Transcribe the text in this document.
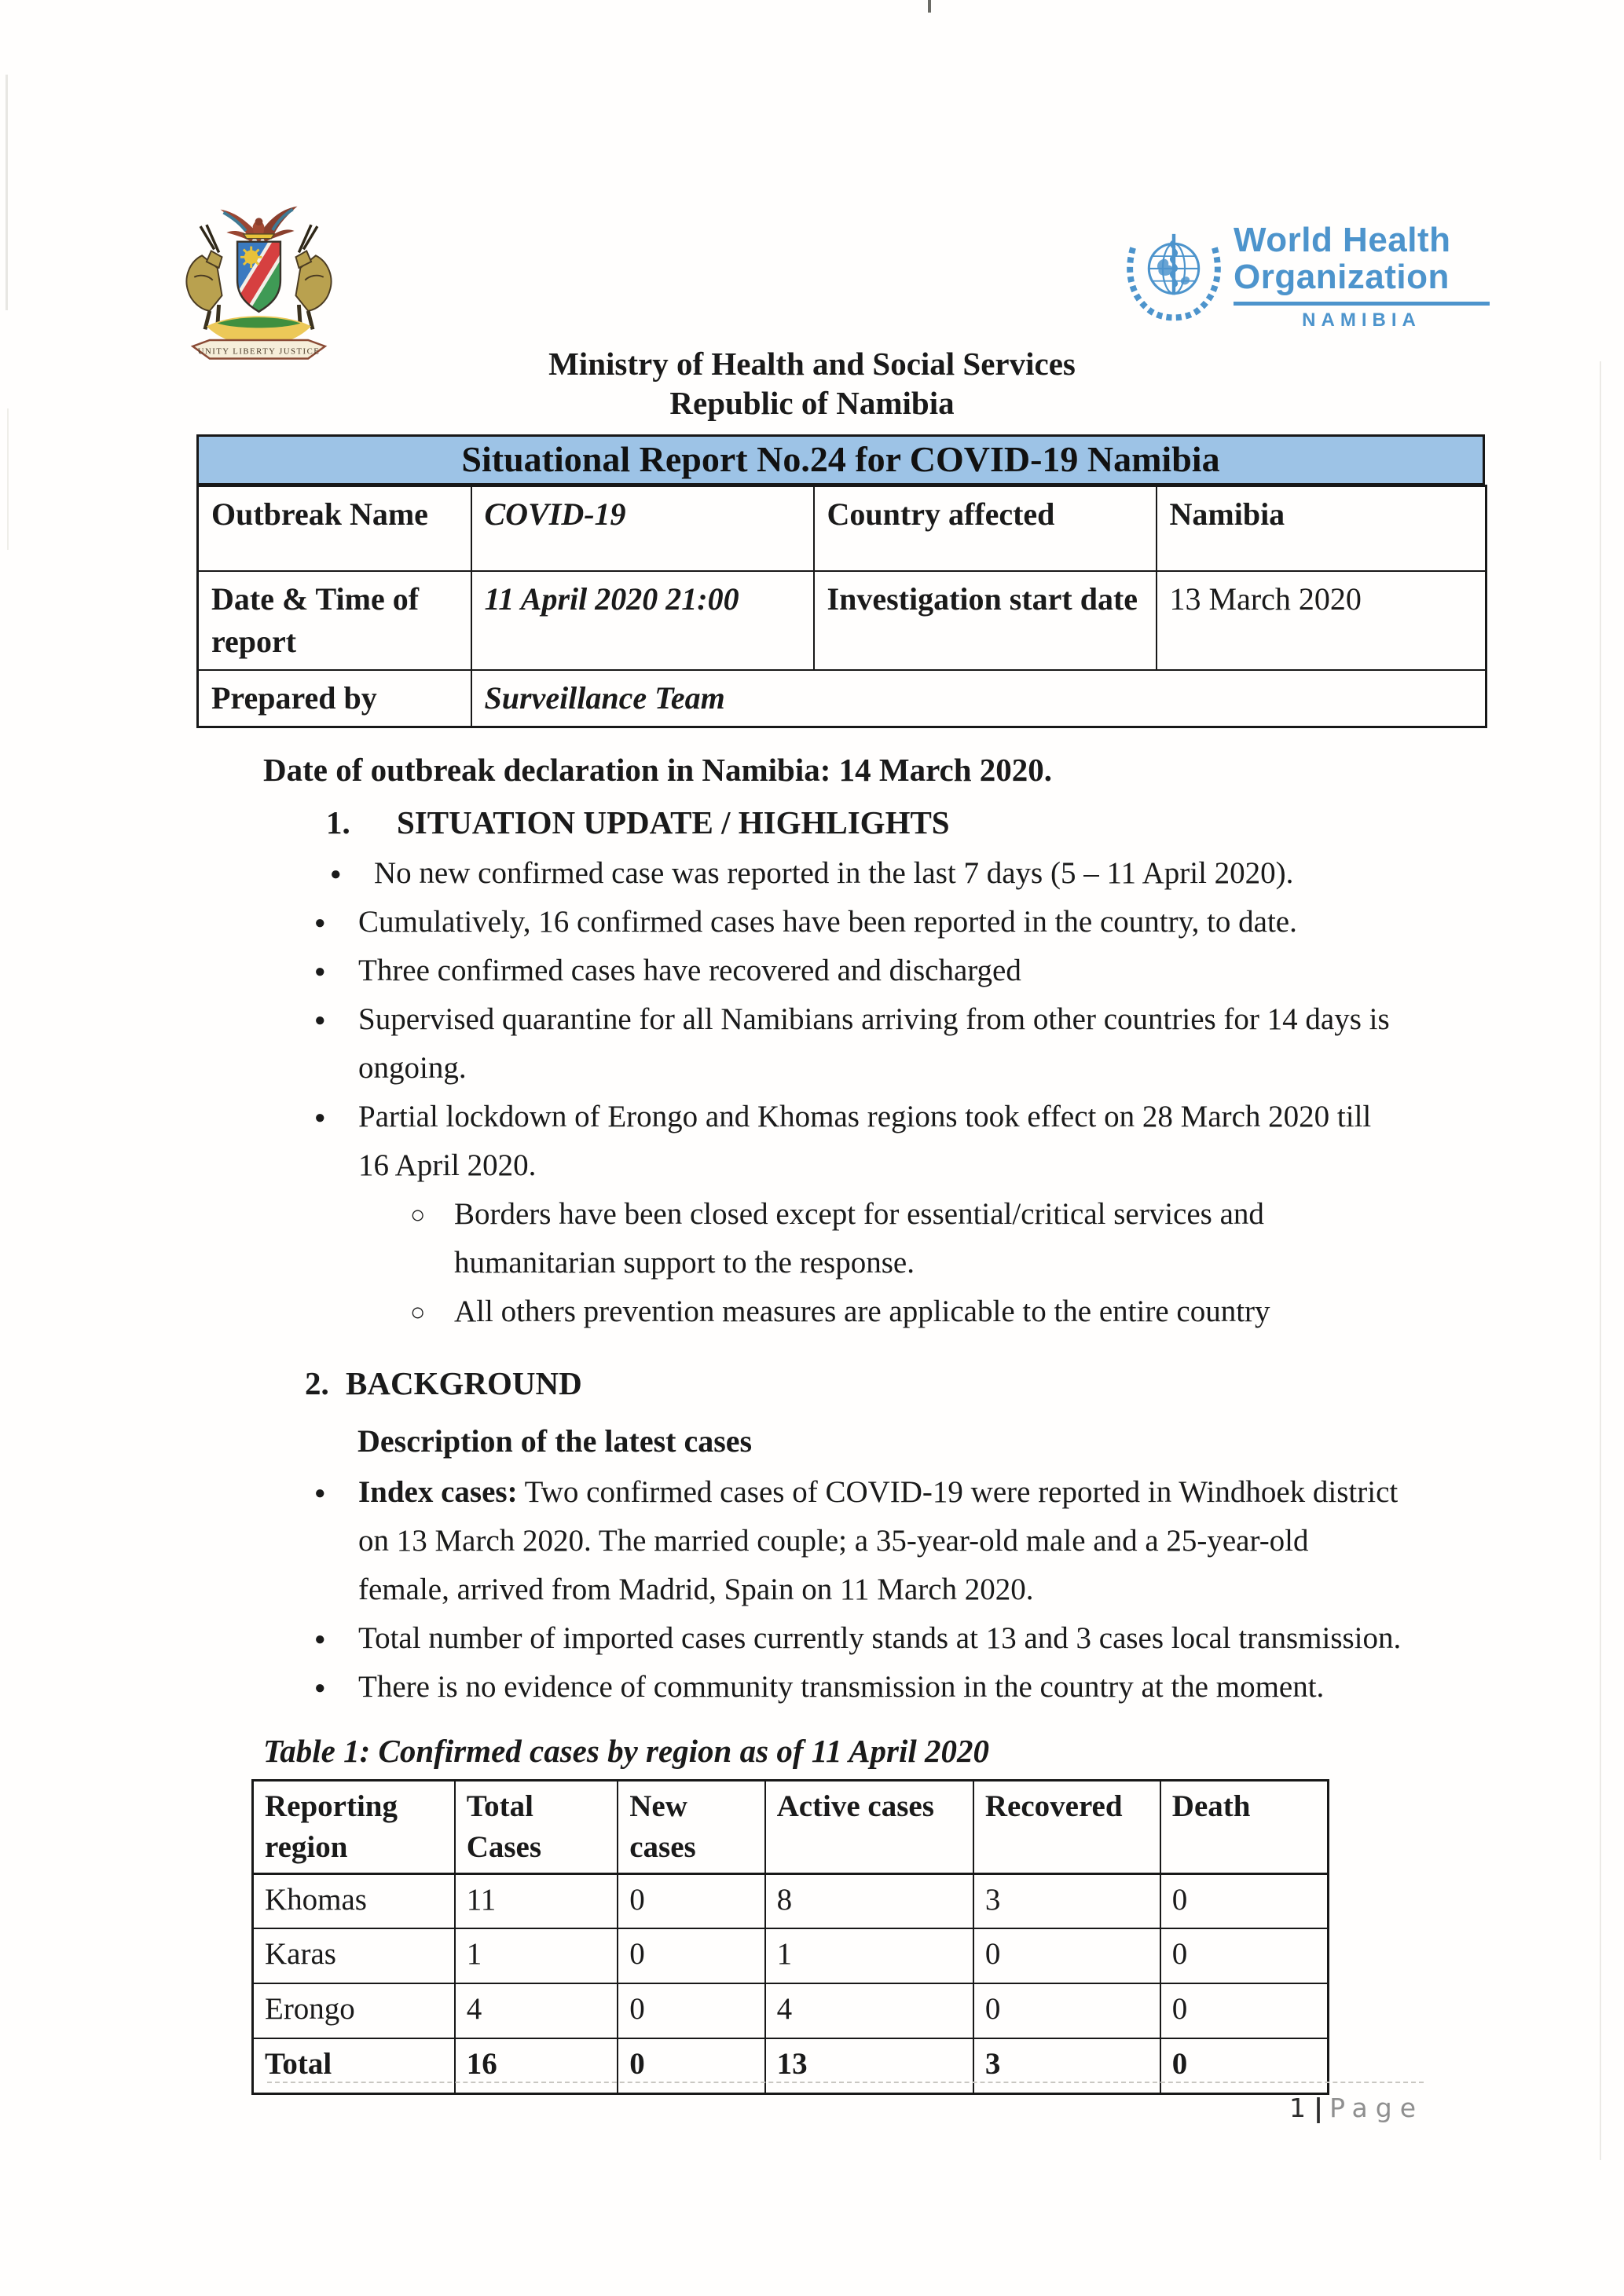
UNITY LIBERTY JUSTICE
World Health
Organization
NAMIBIA
Ministry of Health and Social Services
Republic of Namibia
Situational Report No.24 for COVID-19 Namibia
Outbreak Name	COVID-19	Country affected	Namibia
Date & Time of report	11 April 2020 21:00	Investigation start date	13 March 2020
Prepared by	Surveillance Team		
Date of outbreak declaration in Namibia: 14 March 2020.
1. SITUATION UPDATE / HIGHLIGHTS
● No new confirmed case was reported in the last 7 days (5 – 11 April 2020).
● Cumulatively, 16 confirmed cases have been reported in the country, to date.
● Three confirmed cases have recovered and discharged
● Supervised quarantine for all Namibians arriving from other countries for 14 days is ongoing.
● Partial lockdown of Erongo and Khomas regions took effect on 28 March 2020 till 16 April 2020.
○ Borders have been closed except for essential/critical services and humanitarian support to the response.
○ All others prevention measures are applicable to the entire country
2. BACKGROUND
Description of the latest cases
● Index cases: Two confirmed cases of COVID-19 were reported in Windhoek district on 13 March 2020. The married couple; a 35-year-old male and a 25-year-old female, arrived from Madrid, Spain on 11 March 2020.
● Total number of imported cases currently stands at 13 and 3 cases local transmission.
● There is no evidence of community transmission in the country at the moment.
Table 1: Confirmed cases by region as of 11 April 2020
Reporting region	Total Cases	New cases	Active cases	Recovered	Death
Khomas	11	0	8	3	0
Karas	1	0	1	0	0
Erongo	4	0	4	0	0
Total	16	0	13	3	0
1 | Page
